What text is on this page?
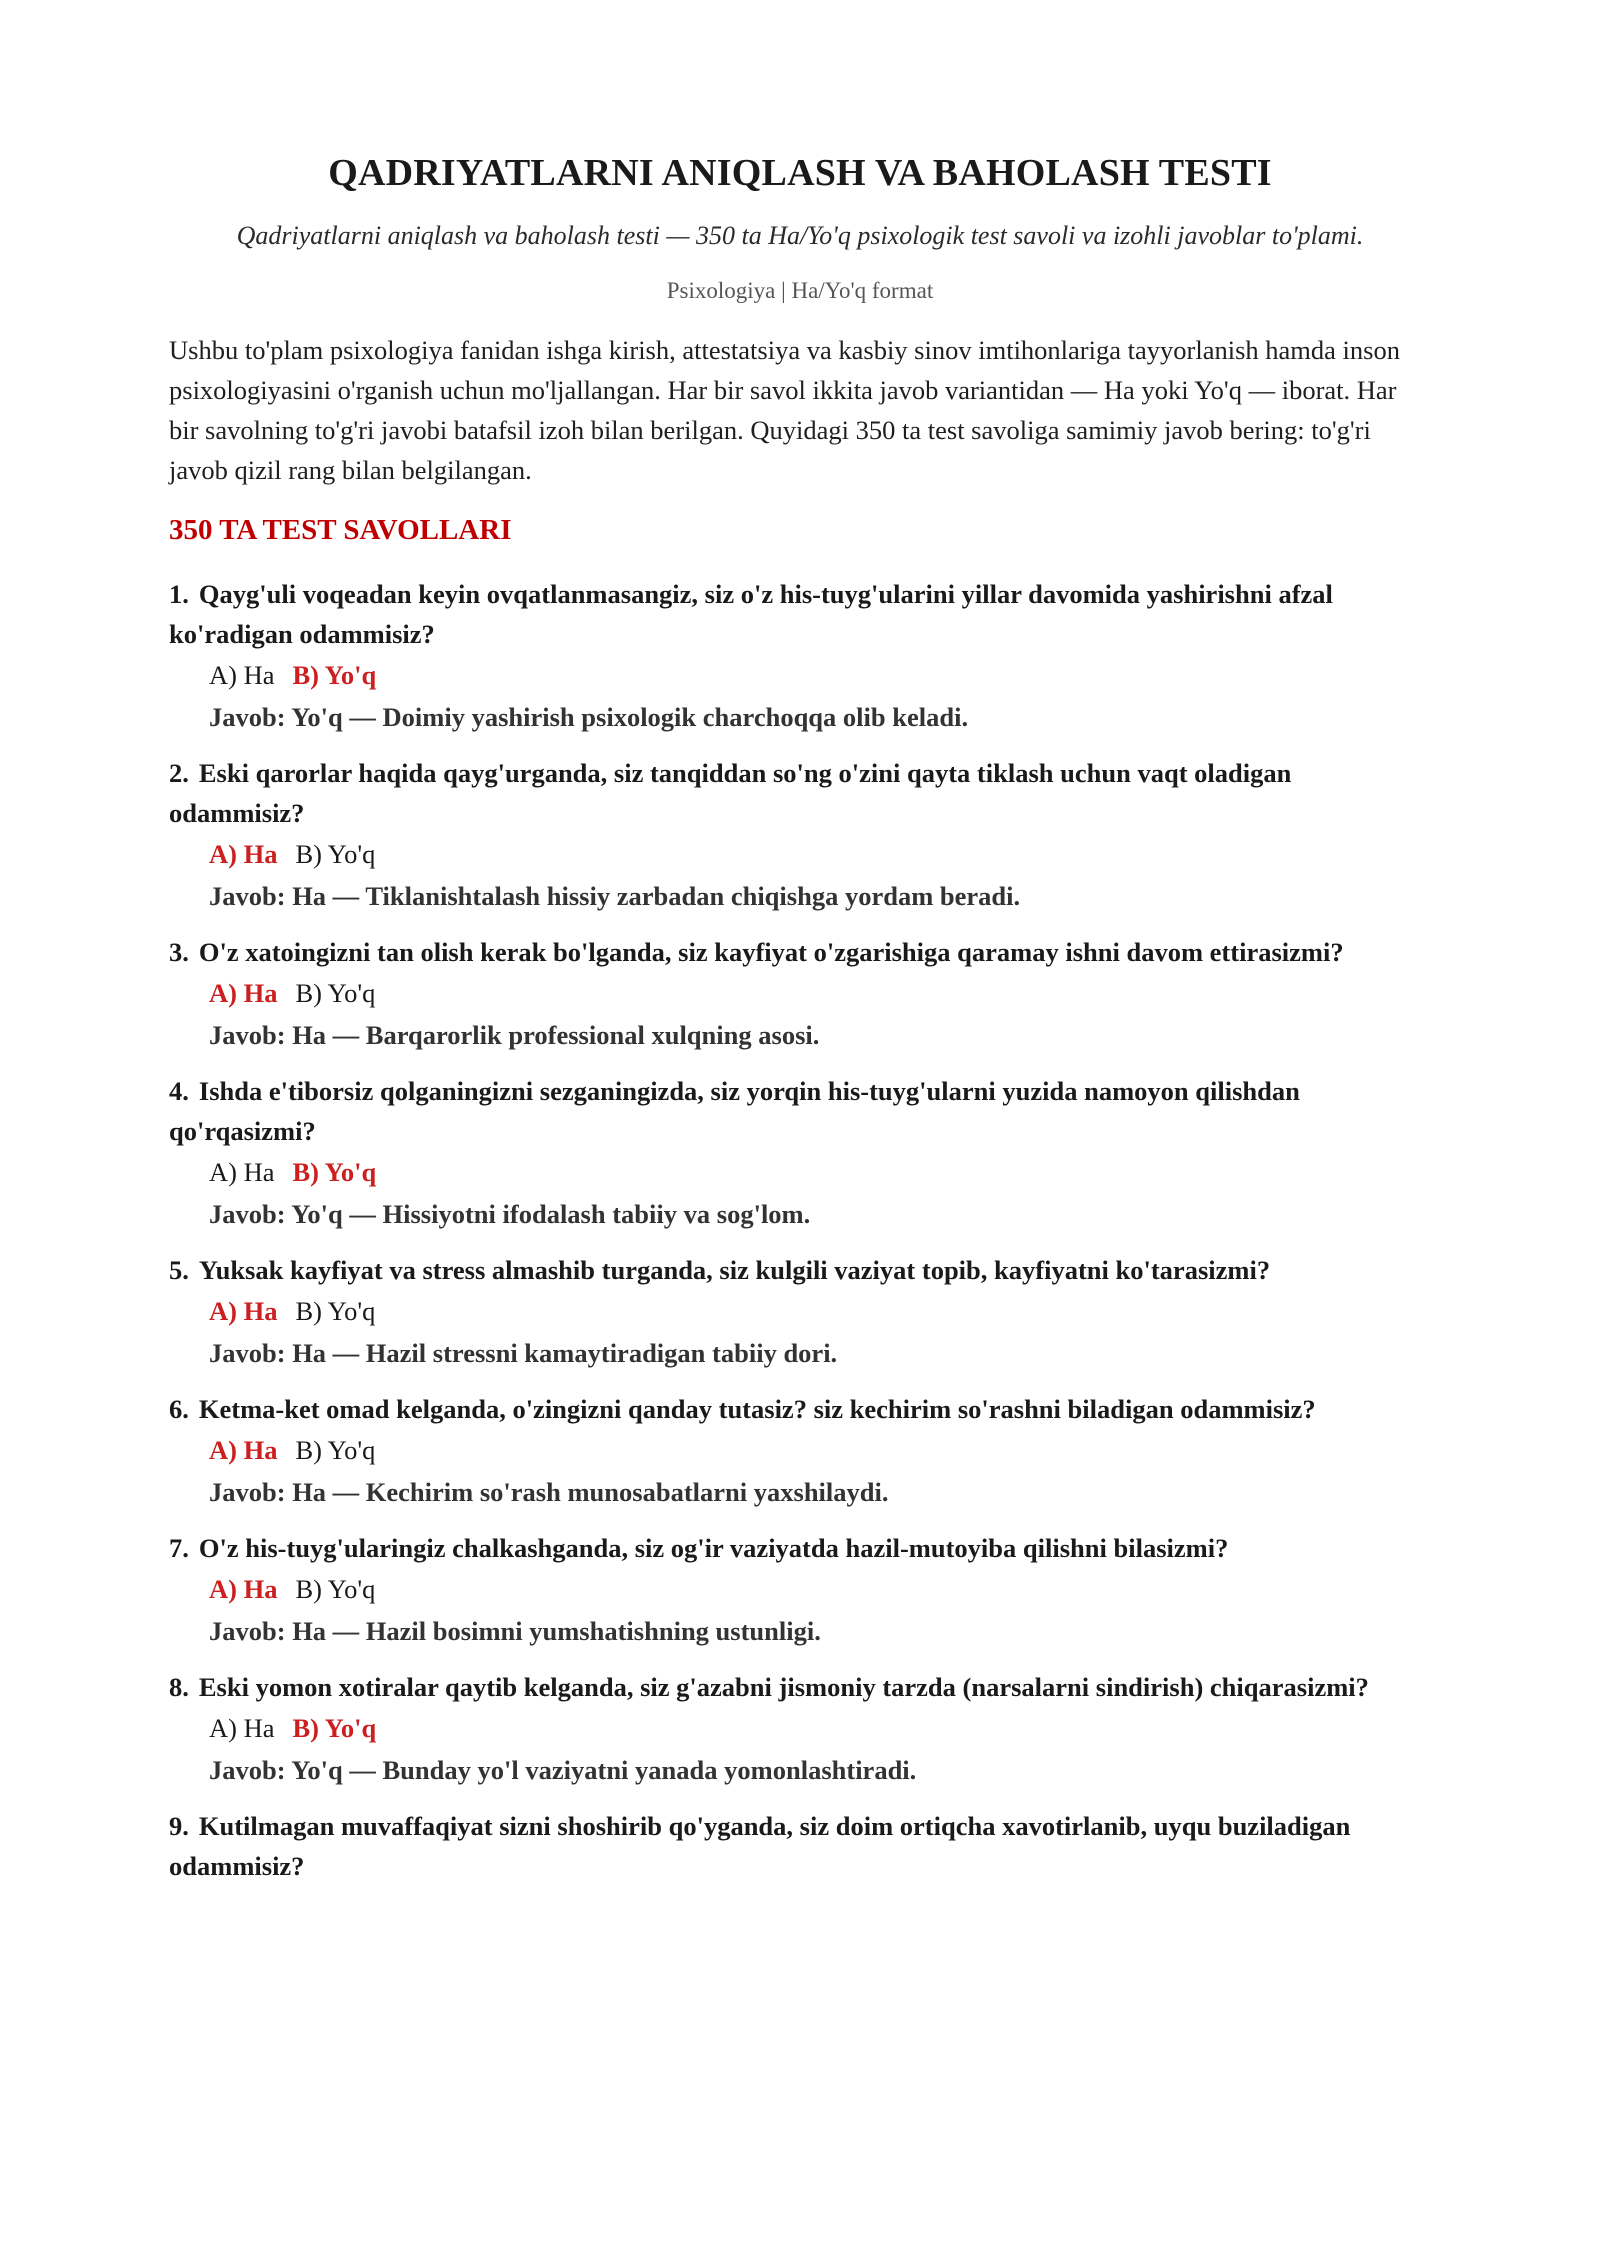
QADRIYATLARNI ANIQLASH VA BAHOLASH TESTI
Qadriyatlarni aniqlash va baholash testi — 350 ta Ha/Yo'q psixologik test savoli va izohli javoblar to'plami.
Psixologiya | Ha/Yo'q format

Ushbu to'plam psixologiya fanidan ishga kirish, attestatsiya va kasbiy sinov imtihonlariga tayyorlanish hamda inson psixologiyasini o'rganish uchun mo'ljallangan. Har bir savol ikkita javob variantidan — Ha yoki Yo'q — iborat. Har bir savolning to'g'ri javobi batafsil izoh bilan berilgan. Quyidagi 350 ta test savoliga samimiy javob bering: to'g'ri javob qizil rang bilan belgilangan.

350 TA TEST SAVOLLARI
1. Qayg'uli voqeadan keyin ovqatlanmasangiz, siz o'z his-tuyg'ularini yillar davomida yashirishni afzal ko'radigan odammisiz?
A) Ha B) Yo'q
Javob: Yo'q — Doimiy yashirish psixologik charchoqqa olib keladi.
2. Eski qarorlar haqida qayg'urganda, siz tanqiddan so'ng o'zini qayta tiklash uchun vaqt oladigan odammisiz?
A) Ha B) Yo'q
Javob: Ha — Tiklanishtalash hissiy zarbadan chiqishga yordam beradi.
3. O'z xatoingizni tan olish kerak bo'lganda, siz kayfiyat o'zgarishiga qaramay ishni davom ettirasizmi?
A) Ha B) Yo'q
Javob: Ha — Barqarorlik professional xulqning asosi.
4. Ishda e'tiborsiz qolganingizni sezganingizda, siz yorqin his-tuyg'ularni yuzida namoyon qilishdan qo'rqasizmi?
A) Ha B) Yo'q
Javob: Yo'q — Hissiyotni ifodalash tabiiy va sog'lom.
5. Yuksak kayfiyat va stress almashib turganda, siz kulgili vaziyat topib, kayfiyatni ko'tarasizmi?
A) Ha B) Yo'q
Javob: Ha — Hazil stressni kamaytiradigan tabiiy dori.
6. Ketma-ket omad kelganda, o'zingizni qanday tutasiz? siz kechirim so'rashni biladigan odammisiz?
A) Ha B) Yo'q
Javob: Ha — Kechirim so'rash munosabatlarni yaxshilaydi.
7. O'z his-tuyg'ularingiz chalkashganda, siz og'ir vaziyatda hazil-mutoyiba qilishni bilasizmi?
A) Ha B) Yo'q
Javob: Ha — Hazil bosimni yumshatishning ustunligi.
8. Eski yomon xotiralar qaytib kelganda, siz g'azabni jismoniy tarzda (narsalarni sindirish) chiqarasizmi?
A) Ha B) Yo'q
Javob: Yo'q — Bunday yo'l vaziyatni yanada yomonlashtiradi.
9. Kutilmagan muvaffaqiyat sizni shoshirib qo'yganda, siz doim ortiqcha xavotirlanib, uyqu buziladigan odammisiz?
